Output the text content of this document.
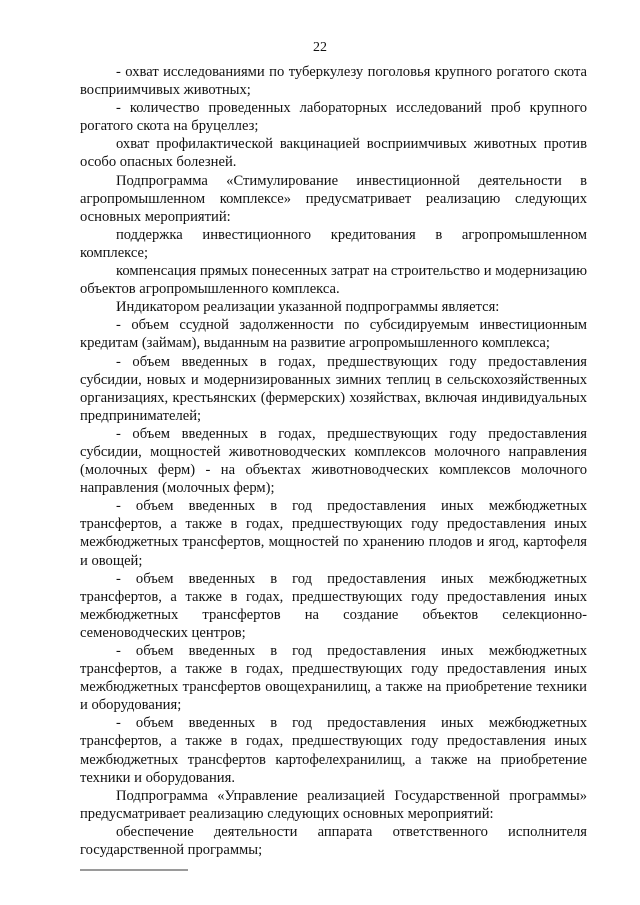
22

- охват исследованиями по туберкулезу поголовья крупного рогатого скота восприимчивых животных;

- количество проведенных лабораторных исследований проб крупного рогатого скота на бруцеллез;

охват профилактической вакцинацией восприимчивых животных против особо опасных болезней.

Подпрограмма «Стимулирование инвестиционной деятельности в агропромышленном комплексе» предусматривает реализацию следующих основных мероприятий:

поддержка инвестиционного кредитования в агропромышленном комплексе;

компенсация прямых понесенных затрат на строительство и модернизацию объектов агропромышленного комплекса.

Индикатором реализации указанной подпрограммы является:

- объем ссудной задолженности по субсидируемым инвестиционным кредитам (займам), выданным на развитие агропромышленного комплекса;

- объем введенных в годах, предшествующих году предоставления субсидии, новых и модернизированных зимних теплиц в сельскохозяйственных организациях, крестьянских (фермерских) хозяйствах, включая индивидуальных предпринимателей;

- объем введенных в годах, предшествующих году предоставления субсидии, мощностей животноводческих комплексов молочного направления (молочных ферм) - на объектах животноводческих комплексов молочного направления (молочных ферм);

- объем введенных в год предоставления иных межбюджетных трансфертов, а также в годах, предшествующих году предоставления иных межбюджетных трансфертов, мощностей по хранению плодов и ягод, картофеля и овощей;

- объем введенных в год предоставления иных межбюджетных трансфертов, а также в годах, предшествующих году предоставления иных межбюджетных трансфертов на создание объектов селекционно-семеноводческих центров;

- объем введенных в год предоставления иных межбюджетных трансфертов, а также в годах, предшествующих году предоставления иных межбюджетных трансфертов овощехранилищ, а также на приобретение техники и оборудования;

- объем введенных в год предоставления иных межбюджетных трансфертов, а также в годах, предшествующих году предоставления иных межбюджетных трансфертов картофелехранилищ, а также на приобретение техники и оборудования.

Подпрограмма «Управление реализацией Государственной программы» предусматривает реализацию следующих основных мероприятий:

обеспечение деятельности аппарата ответственного исполнителя государственной программы;
